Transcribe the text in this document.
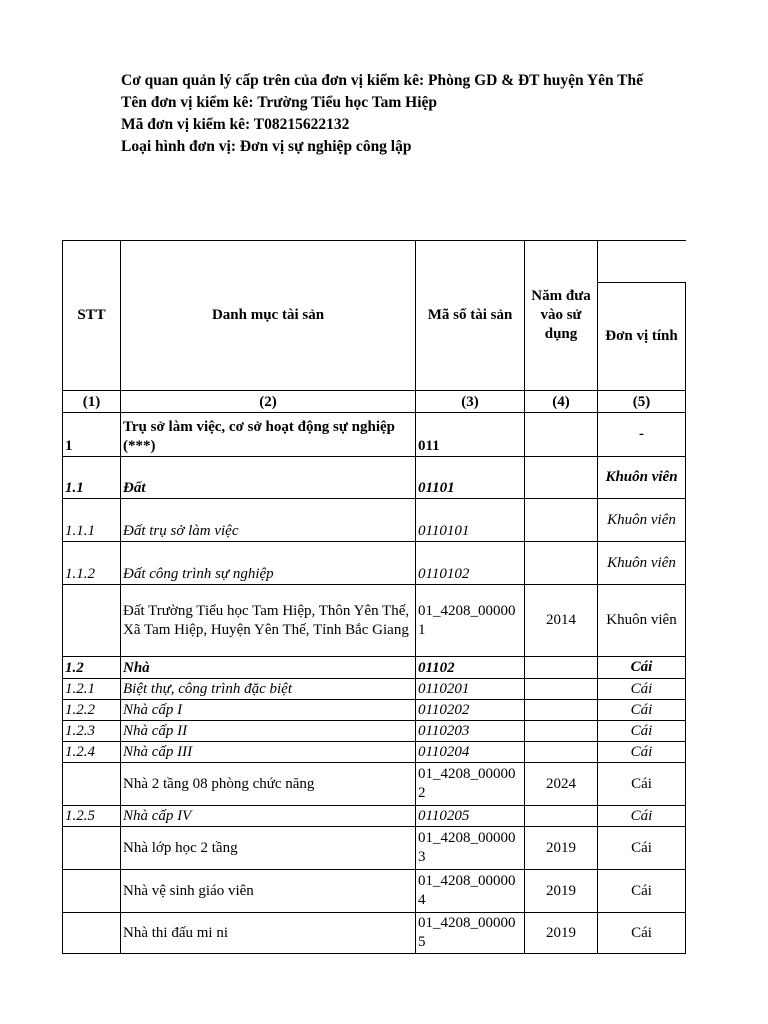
Cơ quan quản lý cấp trên của đơn vị kiểm kê: Phòng GD & ĐT huyện Yên Thế
Tên đơn vị kiểm kê: Trường Tiểu học Tam Hiệp
Mã đơn vị kiểm kê: T08215622132
Loại hình đơn vị: Đơn vị sự nghiệp công lập
STT	Danh mục tài sản	Mã số tài sản	Năm đưa vào sử dụng	
				Đơn vị tính
(1)	(2)	(3)	(4)	(5)
1	Trụ sở làm việc, cơ sở hoạt động sự nghiệp (***)	011		-
1.1	Đất	01101		Khuôn viên
1.1.1	Đất trụ sở làm việc	0110101		Khuôn viên
1.1.2	Đất công trình sự nghiệp	0110102		Khuôn viên
	Đất Trường Tiểu học Tam Hiệp, Thôn Yên Thế, Xã Tam Hiệp, Huyện Yên Thế, Tỉnh Bắc Giang	01_4208_000001	2014	Khuôn viên
1.2	Nhà	01102		Cái
1.2.1	Biệt thự, công trình đặc biệt	0110201		Cái
1.2.2	Nhà cấp I	0110202		Cái
1.2.3	Nhà cấp II	0110203		Cái
1.2.4	Nhà cấp III	0110204		Cái
	Nhà 2 tầng 08 phòng chức năng	01_4208_000002	2024	Cái
1.2.5	Nhà cấp IV	0110205		Cái
	Nhà lớp học 2 tầng	01_4208_000003	2019	Cái
	Nhà vệ sinh giáo viên	01_4208_000004	2019	Cái
	Nhà thi đấu mi ni	01_4208_000005	2019	Cái
